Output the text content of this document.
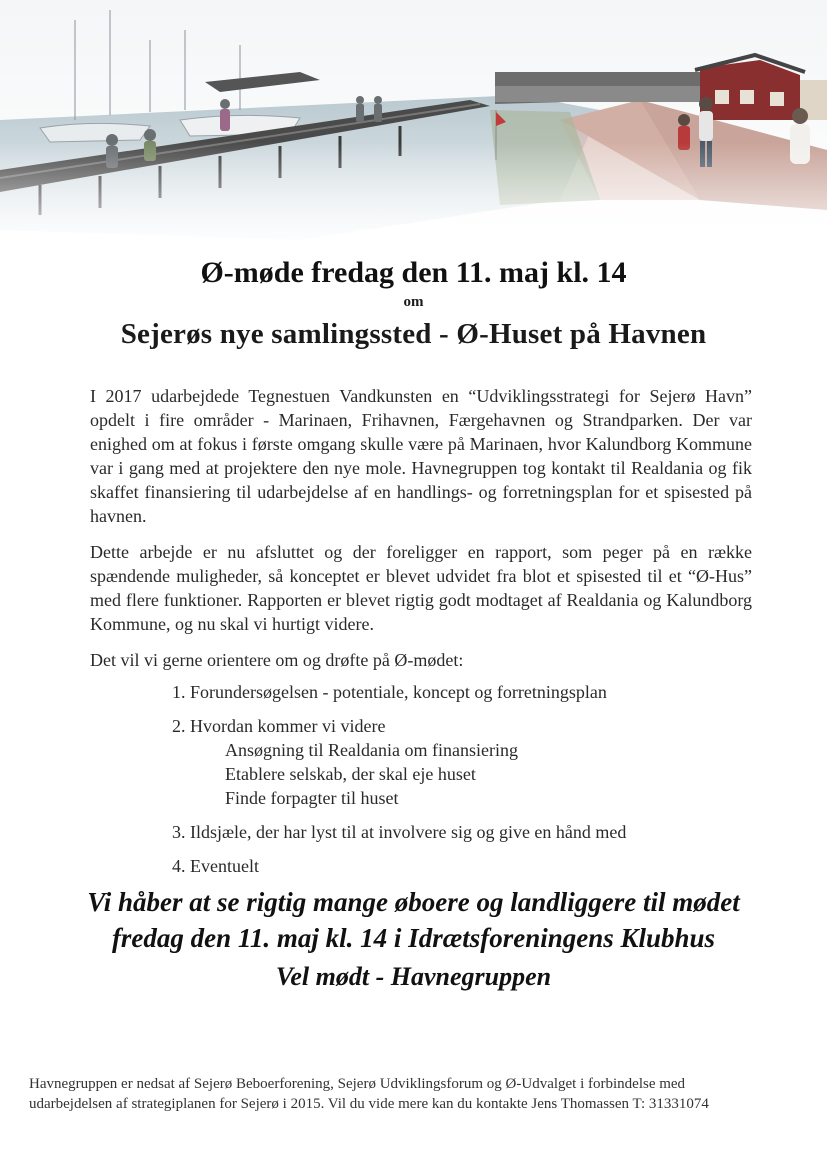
Ø-møde fredag den 11. maj kl. 14
om
Sejerøs nye samlingssted - Ø-Huset på Havnen

I 2017 udarbejdede Tegnestuen Vandkunsten en “Udviklingsstrategi for Sejerø Havn” opdelt i fire områder - Marinaen, Frihavnen, Færgehavnen og Strandparken. Der var enighed om at fokus i første omgang skulle være på Marinaen, hvor Kalundborg Kommune var i gang med at projektere den nye mole. Havnegruppen tog kontakt til Realdania og fik skaffet finansiering til udarbejdelse af en handlings- og forretningsplan for et spisested på havnen.

Dette arbejde er nu afsluttet og der foreligger en rapport, som peger på en række spændende muligheder, så konceptet er blevet udvidet fra blot et spisested til et “Ø-Hus” med flere funktioner. Rapporten er blevet rigtig godt modtaget af Realdania og Kalundborg Kommune, og nu skal vi hurtigt videre.

Det vil vi gerne orientere om og drøfte på Ø-mødet:

1. Forundersøgelsen - potentiale, koncept og forretningsplan
2. Hvordan kommer vi videre
Ansøgning til Realdania om finansiering
Etablere selskab, der skal eje huset
Finde forpagter til huset
3. Ildsjæle, der har lyst til at involvere sig og give en hånd med
4. Eventuelt
Vi håber at se rigtig mange øboere og landliggere til mødet
fredag den 11. maj kl. 14 i Idrætsforeningens Klubhus
Vel mødt - Havnegruppen
Havnegruppen er nedsat af Sejerø Beboerforening, Sejerø Udviklingsforum og Ø-Udvalget i forbindelse med
udarbejdelsen af strategiplanen for Sejerø i 2015. Vil du vide mere kan du kontakte Jens Thomassen T: 31331074
